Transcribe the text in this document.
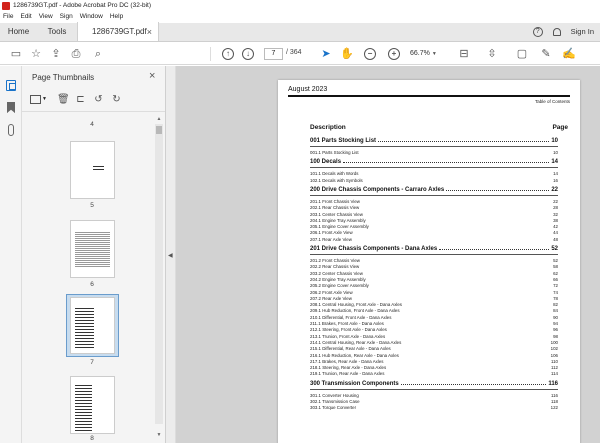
1286739GT.pdf - Adobe Acrobat Pro DC (32-bit)
File Edit View Sign Window Help
Home Tools	1286739GT.pdf ×	?	Sign In
▭ ☆ ⇪ ⎙ ⌕	↑	↓	7	/ 364 ➤ ✋	−	+	66.7% ▼ ⊟ ⇳ ▢ ✎ ✍
Page Thumbnails	×
▼ 🗑 ⊏ ↺ ↻
4
5
6
7
8
▲
▼
◀
August 2023
Table of Contents
Description	Page
001 Parts Stocking List	10
001.1 Parts Stocking List	10
100 Decals	14
101.1 Decals with Words	14
102.1 Decals with Symbols	16
200 Drive Chassis Components - Carraro Axles	22
201.1 Front Chassis View	22
202.1 Rear Chassis View	28
203.1 Center Chassis View	32
204.1 Engine Tray Assembly	38
205.1 Engine Cover Assembly	42
206.1 Front Axle View	44
207.1 Rear Axle View	48
201 Drive Chassis Components - Dana Axles	52
201.2 Front Chassis View	52
202.2 Rear Chassis View	58
203.2 Center Chassis View	62
204.2 Engine Tray Assembly	66
205.2 Engine Cover Assembly	72
206.2 Front Axle View	74
207.2 Rear Axle View	78
208.1 Central Housing, Front Axle - Dana Axles	82
209.1 Hub Reduction, Front Axle - Dana Axles	84
210.1 Differential, Front Axle - Dana Axles	90
211.1 Brakes, Front Axle - Dana Axles	94
212.1 Steering, Front Axle - Dana Axles	96
213.1 Trunion, Front Axle - Dana Axles	98
214.1 Central Housing, Rear Axle - Dana Axles	100
215.1 Differential, Rear Axle - Dana Axles	102
216.1 Hub Reduction, Rear Axle - Dana Axles	106
217.1 Brakes, Rear Axle - Dana Axles	110
218.1 Steering, Rear Axle - Dana Axles	112
219.1 Trunion, Rear Axle - Dana Axles	114
300 Transmission Components	116
301.1 Converter Housing	116
302.1 Transmission Case	118
303.1 Torque Converter	122
